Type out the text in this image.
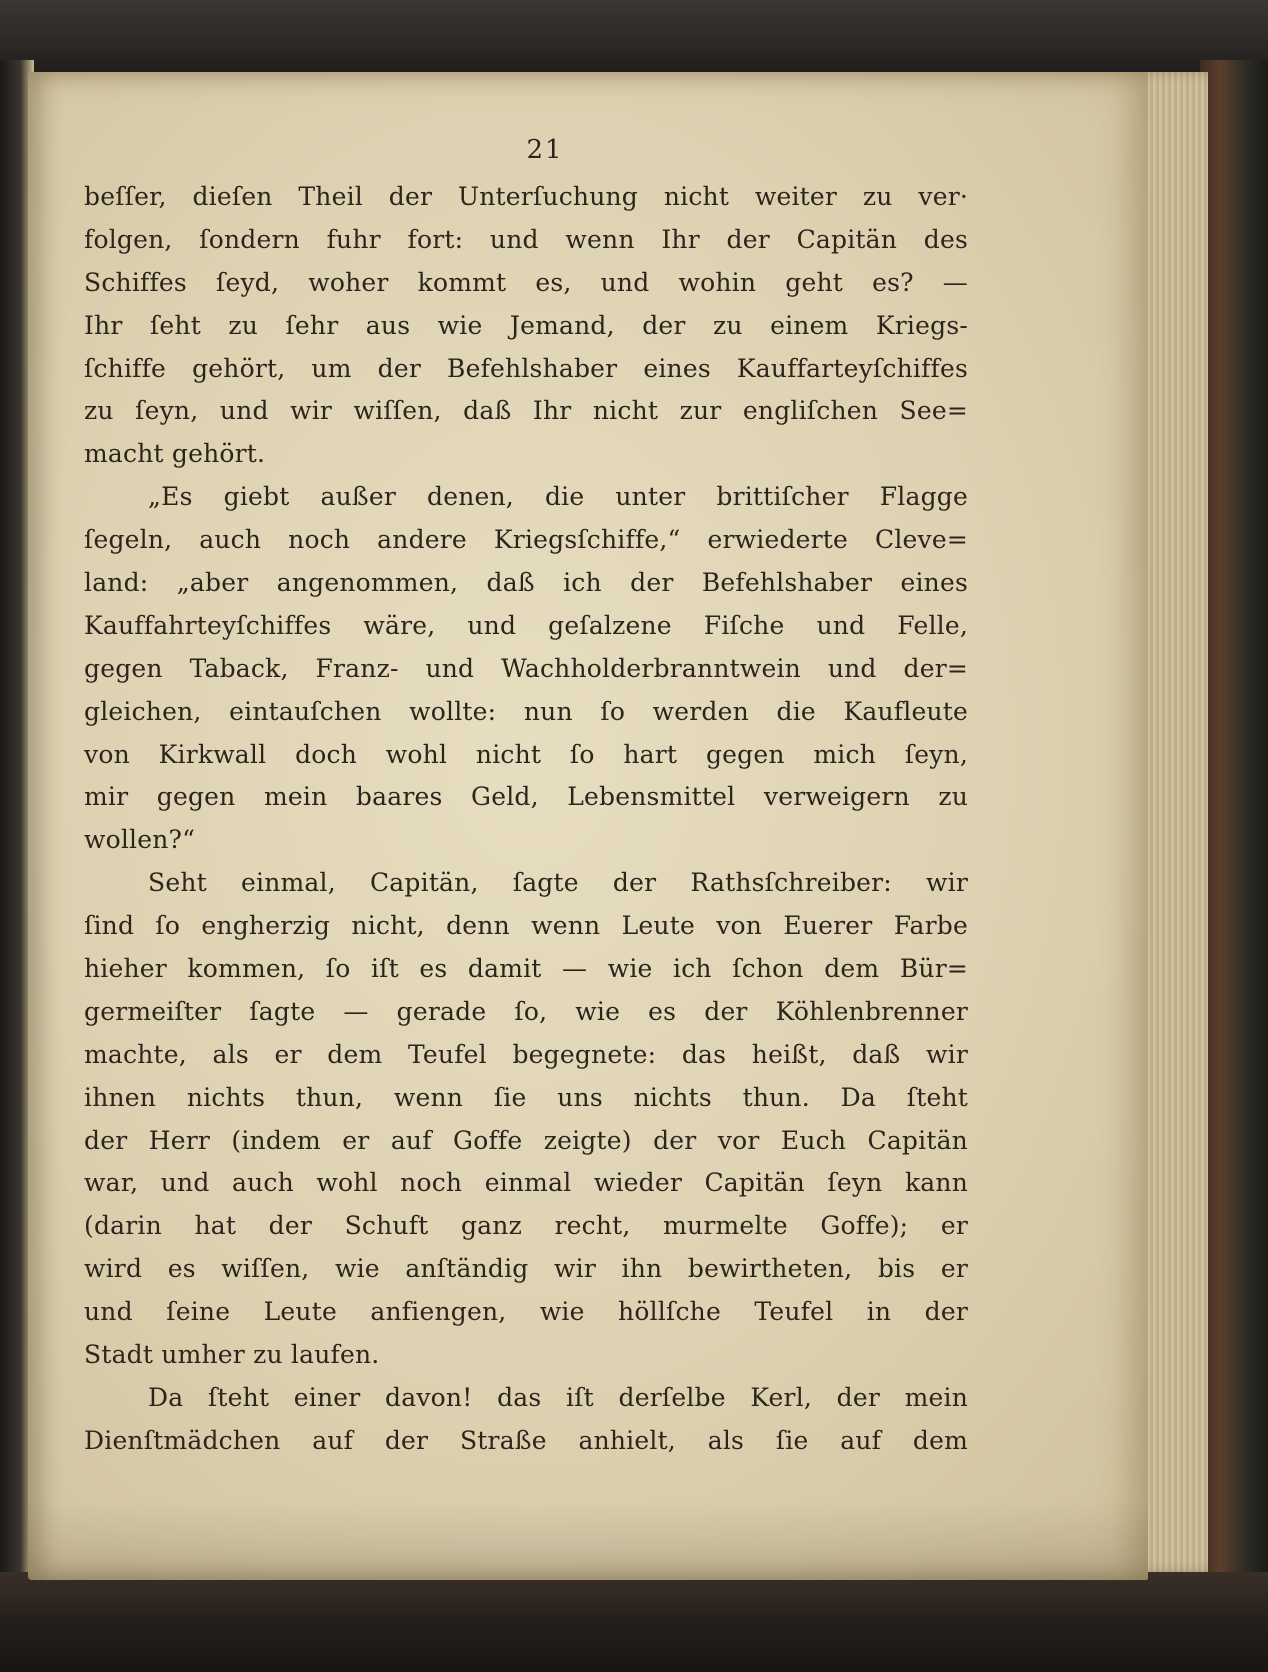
21
beſſer, dieſen Theil der Unterſuchung nicht weiter zu ver·
folgen, ſondern fuhr fort: und wenn Ihr der Capitän des
Schiffes ſeyd, woher kommt es, und wohin geht es? —
Ihr ſeht zu ſehr aus wie Jemand, der zu einem Kriegs-
ſchiffe gehört, um der Befehlshaber eines Kauffarteyſchiffes
zu ſeyn, und wir wiſſen, daß Ihr nicht zur engliſchen See=
macht gehört.
„Es giebt außer denen, die unter brittiſcher Flagge
ſegeln, auch noch andere Kriegsſchiffe,“ erwiederte Cleve=
land: „aber angenommen, daß ich der Befehlshaber eines
Kauffahrteyſchiffes wäre, und geſalzene Fiſche und Felle,
gegen Taback, Franz- und Wachholderbranntwein und der=
gleichen, eintauſchen wollte: nun ſo werden die Kaufleute
von Kirkwall doch wohl nicht ſo hart gegen mich ſeyn,
mir gegen mein baares Geld, Lebensmittel verweigern zu
wollen?“
Seht einmal, Capitän, ſagte der Rathsſchreiber: wir
ſind ſo engherzig nicht, denn wenn Leute von Euerer Farbe
hieher kommen, ſo iſt es damit — wie ich ſchon dem Bür=
germeiſter ſagte — gerade ſo, wie es der Köhlenbrenner
machte, als er dem Teufel begegnete: das heißt, daß wir
ihnen nichts thun, wenn ſie uns nichts thun. Da ſteht
der Herr (indem er auf Goffe zeigte) der vor Euch Capitän
war, und auch wohl noch einmal wieder Capitän ſeyn kann
(darin hat der Schuft ganz recht, murmelte Goffe); er
wird es wiſſen, wie anſtändig wir ihn bewirtheten, bis er
und ſeine Leute anfiengen, wie höllſche Teufel in der
Stadt umher zu laufen.
Da ſteht einer davon! das iſt derſelbe Kerl, der mein
Dienſtmädchen auf der Straße anhielt, als ſie auf dem
